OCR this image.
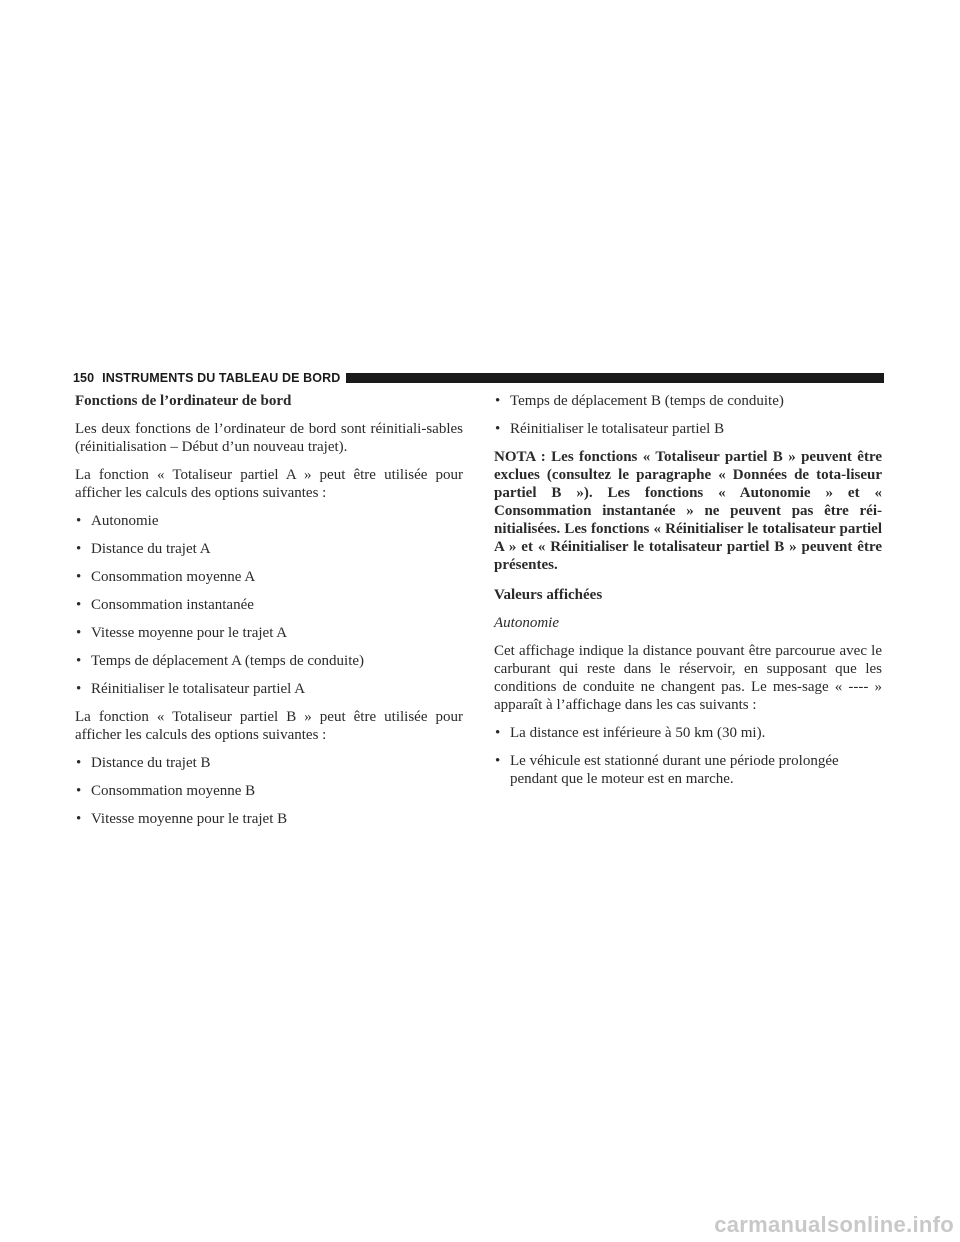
150 INSTRUMENTS DU TABLEAU DE BORD

Fonctions de l’ordinateur de bord

Les deux fonctions de l’ordinateur de bord sont réinitiali-sables (réinitialisation – Début d’un nouveau trajet).

La fonction « Totaliseur partiel A » peut être utilisée pour afficher les calculs des options suivantes :

• Autonomie
• Distance du trajet A
• Consommation moyenne A
• Consommation instantanée
• Vitesse moyenne pour le trajet A
• Temps de déplacement A (temps de conduite)
• Réinitialiser le totalisateur partiel A

La fonction « Totaliseur partiel B » peut être utilisée pour afficher les calculs des options suivantes :

• Distance du trajet B
• Consommation moyenne B
• Vitesse moyenne pour le trajet B
• Temps de déplacement B (temps de conduite)
• Réinitialiser le totalisateur partiel B

NOTA : Les fonctions « Totaliseur partiel B » peuvent être exclues (consultez le paragraphe « Données de tota-liseur partiel B »). Les fonctions « Autonomie » et « Consommation instantanée » ne peuvent pas être réi-nitialisées. Les fonctions « Réinitialiser le totalisateur partiel A » et « Réinitialiser le totalisateur partiel B » peuvent être présentes.

Valeurs affichées

Autonomie

Cet affichage indique la distance pouvant être parcourue avec le carburant qui reste dans le réservoir, en supposant que les conditions de conduite ne changent pas. Le mes-sage « ---- » apparaît à l’affichage dans les cas suivants :

• La distance est inférieure à 50 km (30 mi).
• Le véhicule est stationné durant une période prolongée pendant que le moteur est en marche.
carmanualsonline.info
